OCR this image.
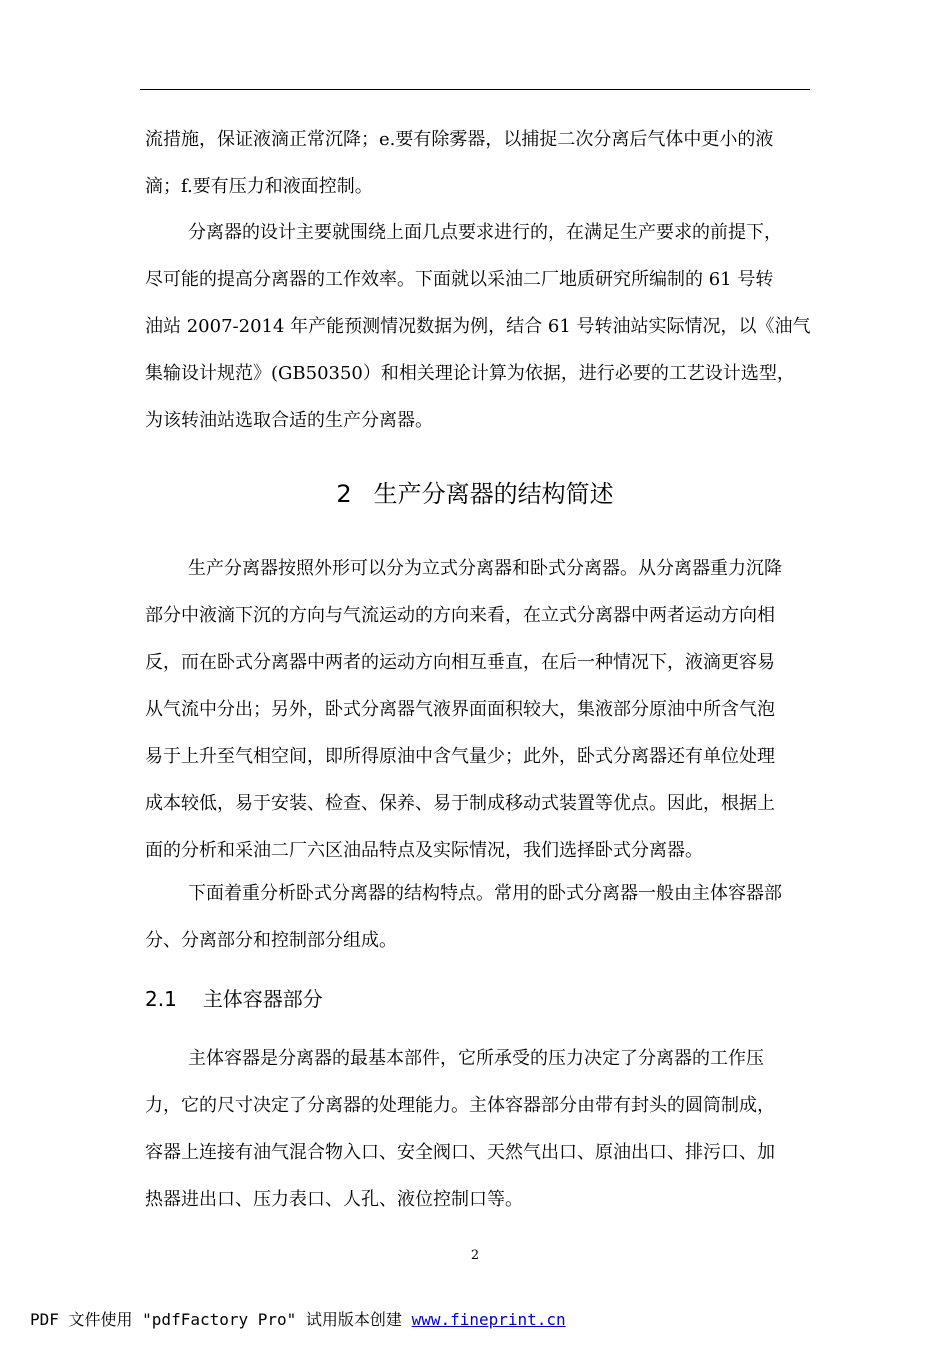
流措施，保证液滴正常沉降；e.要有除雾器，以捕捉二次分离后气体中更小的液
滴；f.要有压力和液面控制。
分离器的设计主要就围绕上面几点要求进行的，在满足生产要求的前提下，
尽可能的提高分离器的工作效率。下面就以采油二厂地质研究所编制的 61 号转
油站 2007-2014 年产能预测情况数据为例，结合 61 号转油站实际情况，以《油气
集输设计规范》(GB50350）和相关理论计算为依据，进行必要的工艺设计选型，
为该转油站选取合适的生产分离器。
2 生产分离器的结构简述
生产分离器按照外形可以分为立式分离器和卧式分离器。从分离器重力沉降
部分中液滴下沉的方向与气流运动的方向来看，在立式分离器中两者运动方向相
反，而在卧式分离器中两者的运动方向相互垂直，在后一种情况下，液滴更容易
从气流中分出；另外，卧式分离器气液界面面积较大，集液部分原油中所含气泡
易于上升至气相空间，即所得原油中含气量少；此外，卧式分离器还有单位处理
成本较低，易于安装、检查、保养、易于制成移动式装置等优点。因此，根据上
面的分析和采油二厂六区油品特点及实际情况，我们选择卧式分离器。
下面着重分析卧式分离器的结构特点。常用的卧式分离器一般由主体容器部
分、分离部分和控制部分组成。
2.1 主体容器部分
主体容器是分离器的最基本部件，它所承受的压力决定了分离器的工作压
力，它的尺寸决定了分离器的处理能力。主体容器部分由带有封头的圆筒制成，
容器上连接有油气混合物入口、安全阀口、天然气出口、原油出口、排污口、加
热器进出口、压力表口、人孔、液位控制口等。
2
PDF 文件使用 "pdfFactory Pro" 试用版本创建 www.fineprint.cn
